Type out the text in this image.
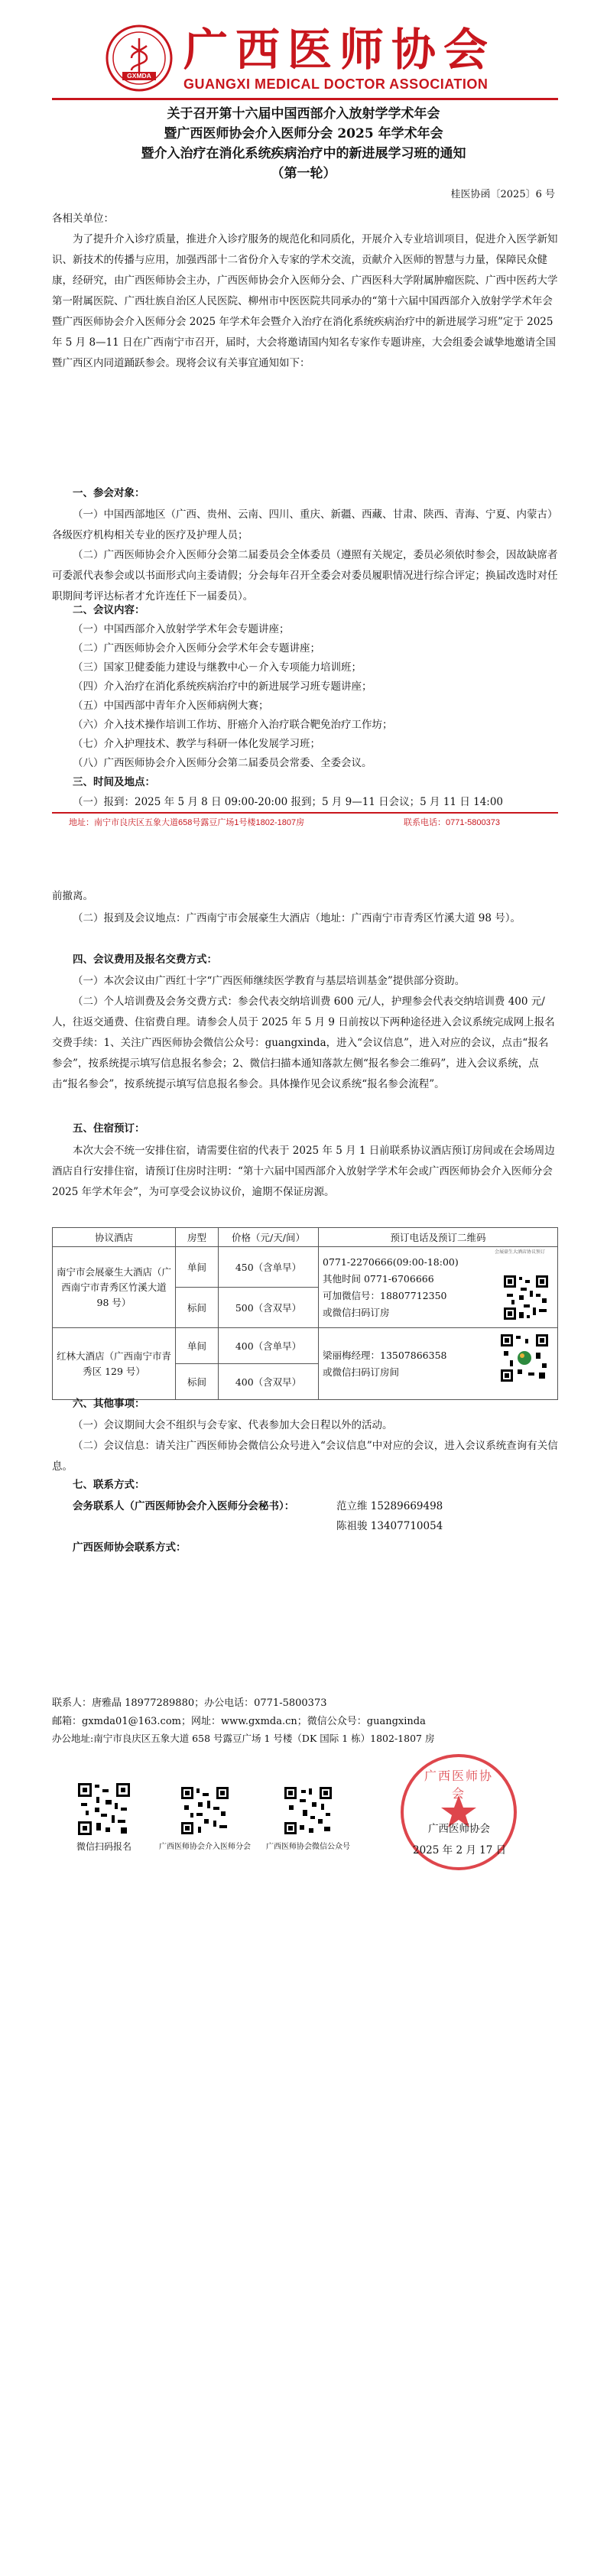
GXMDA 广西医师协会
GUANGXI MEDICAL DOCTOR ASSOCIATION
关于召开第十六届中国西部介入放射学学术年会
暨广西医师协会介入医师分会 2025 年学术年会
暨介入治疗在消化系统疾病治疗中的新进展学习班的通知
（第一轮）
桂医协函〔2025〕6 号
各相关单位：
为了提升介入诊疗质量，推进介入诊疗服务的规范化和同质化，开展介入专业培训项目，促进介入医学新知识、新技术的传播与应用，加强西部十二省份介入专家的学术交流，贡献介入医师的智慧与力量，保障民众健康，经研究，由广西医师协会主办，广西医师协会介入医师分会、广西医科大学附属肿瘤医院、广西中医药大学第一附属医院、广西壮族自治区人民医院、柳州市中医医院共同承办的“第十六届中国西部介入放射学学术年会暨广西医师协会介入医师分会 2025 年学术年会暨介入治疗在消化系统疾病治疗中的新进展学习班”定于 2025 年 5 月 8—11 日在广西南宁市召开，届时，大会将邀请国内知名专家作专题讲座，大会组委会诚挚地邀请全国暨广西区内同道踊跃参会。现将会议有关事宜通知如下：
一、参会对象：
（一）中国西部地区（广西、贵州、云南、四川、重庆、新疆、西藏、甘肃、陕西、青海、宁夏、内蒙古）各级医疗机构相关专业的医疗及护理人员；
（二）广西医师协会介入医师分会第二届委员会全体委员（遵照有关规定，委员必须依时参会，因故缺席者可委派代表参会或以书面形式向主委请假；分会每年召开全委会对委员履职情况进行综合评定；换届改选时对任职期间考评达标者才允许连任下一届委员）。
二、会议内容：
（一）中国西部介入放射学学术年会专题讲座；
（二）广西医师协会介入医师分会学术年会专题讲座；
（三）国家卫健委能力建设与继教中心－介入专项能力培训班；
（四）介入治疗在消化系统疾病治疗中的新进展学习班专题讲座；
（五）中国西部中青年介入医师病例大赛；
（六）介入技术操作培训工作坊、肝癌介入治疗联合靶免治疗工作坊；
（七）介入护理技术、教学与科研一体化发展学习班；
（八）广西医师协会介入医师分会第二届委员会常委、全委会议。
三、时间及地点：
（一）报到：2025 年 5 月 8 日 09:00-20:00 报到；5 月 9—11 日会议；5 月 11 日 14:00
地址：南宁市良庆区五象大道658号露豆广场1号楼1802-1807房	联系电话：0771-5800373
前撤离。
（二）报到及会议地点：广西南宁市会展豪生大酒店（地址：广西南宁市青秀区竹溪大道 98 号）。
四、会议费用及报名交费方式：
（一）本次会议由广西红十字“广西医师继续医学教育与基层培训基金”提供部分资助。
（二）个人培训费及会务交费方式：参会代表交纳培训费 600 元/人，护理参会代表交纳培训费 400 元/人，往返交通费、住宿费自理。请参会人员于 2025 年 5 月 9 日前按以下两种途径进入会议系统完成网上报名交费手续：1、关注广西医师协会微信公众号：guangxinda，进入“会议信息”，进入对应的会议，点击“报名参会”，按系统提示填写信息报名参会；2、微信扫描本通知落款左侧“报名参会二维码”，进入会议系统，点击“报名参会”，按系统提示填写信息报名参会。具体操作见会议系统“报名参会流程”。
五、住宿预订：
本次大会不统一安排住宿，请需要住宿的代表于 2025 年 5 月 1 日前联系协议酒店预订房间或在会场周边酒店自行安排住宿，请预订住房时注明：“第十六届中国西部介入放射学学术年会或广西医师协会介入医师分会 2025 年学术年会”，为可享受会议协议价，逾期不保证房源。
协议酒店	房型	价格（元/天/间）	预订电话及预订二维码
南宁市会展豪生大酒店（广西南宁市青秀区竹溪大道 98 号）	单间	450（含单早）	0771-2270666(09:00-18:00)
其他时间 0771-6706666
可加微信号：18807712350
或微信扫码订房
会展豪生大酒店协议预订

	标间	500（含双早）	
红林大酒店（广西南宁市青秀区 129 号）	单间	400（含单早）	梁丽梅经理：13507866358
或微信扫码订房间

	标间	400（含双早）	
六、其他事项：
（一）会议期间大会不组织与会专家、代表参加大会日程以外的活动。
（二）会议信息：请关注广西医师协会微信公众号进入“会议信息”中对应的会议，进入会议系统查询有关信息。
七、联系方式：
会务联系人（广西医师协会介入医师分会秘书）：	范立维 15289669498
陈祖骏 13407710054
广西医师协会联系方式：
联系人：唐雅晶 18977289880；办公电话：0771-5800373
邮箱：gxmda01@163.com；网址：www.gxmda.cn；微信公众号：guangxinda
办公地址:南宁市良庆区五象大道 658 号露豆广场 1 号楼（DK 国际 1 栋）1802-1807 房
微信扫码报名	广西医师协会介入医师分会	广西医师协会微信公众号
广西医师协会
广西医师协会
2025 年 2 月 17 日
